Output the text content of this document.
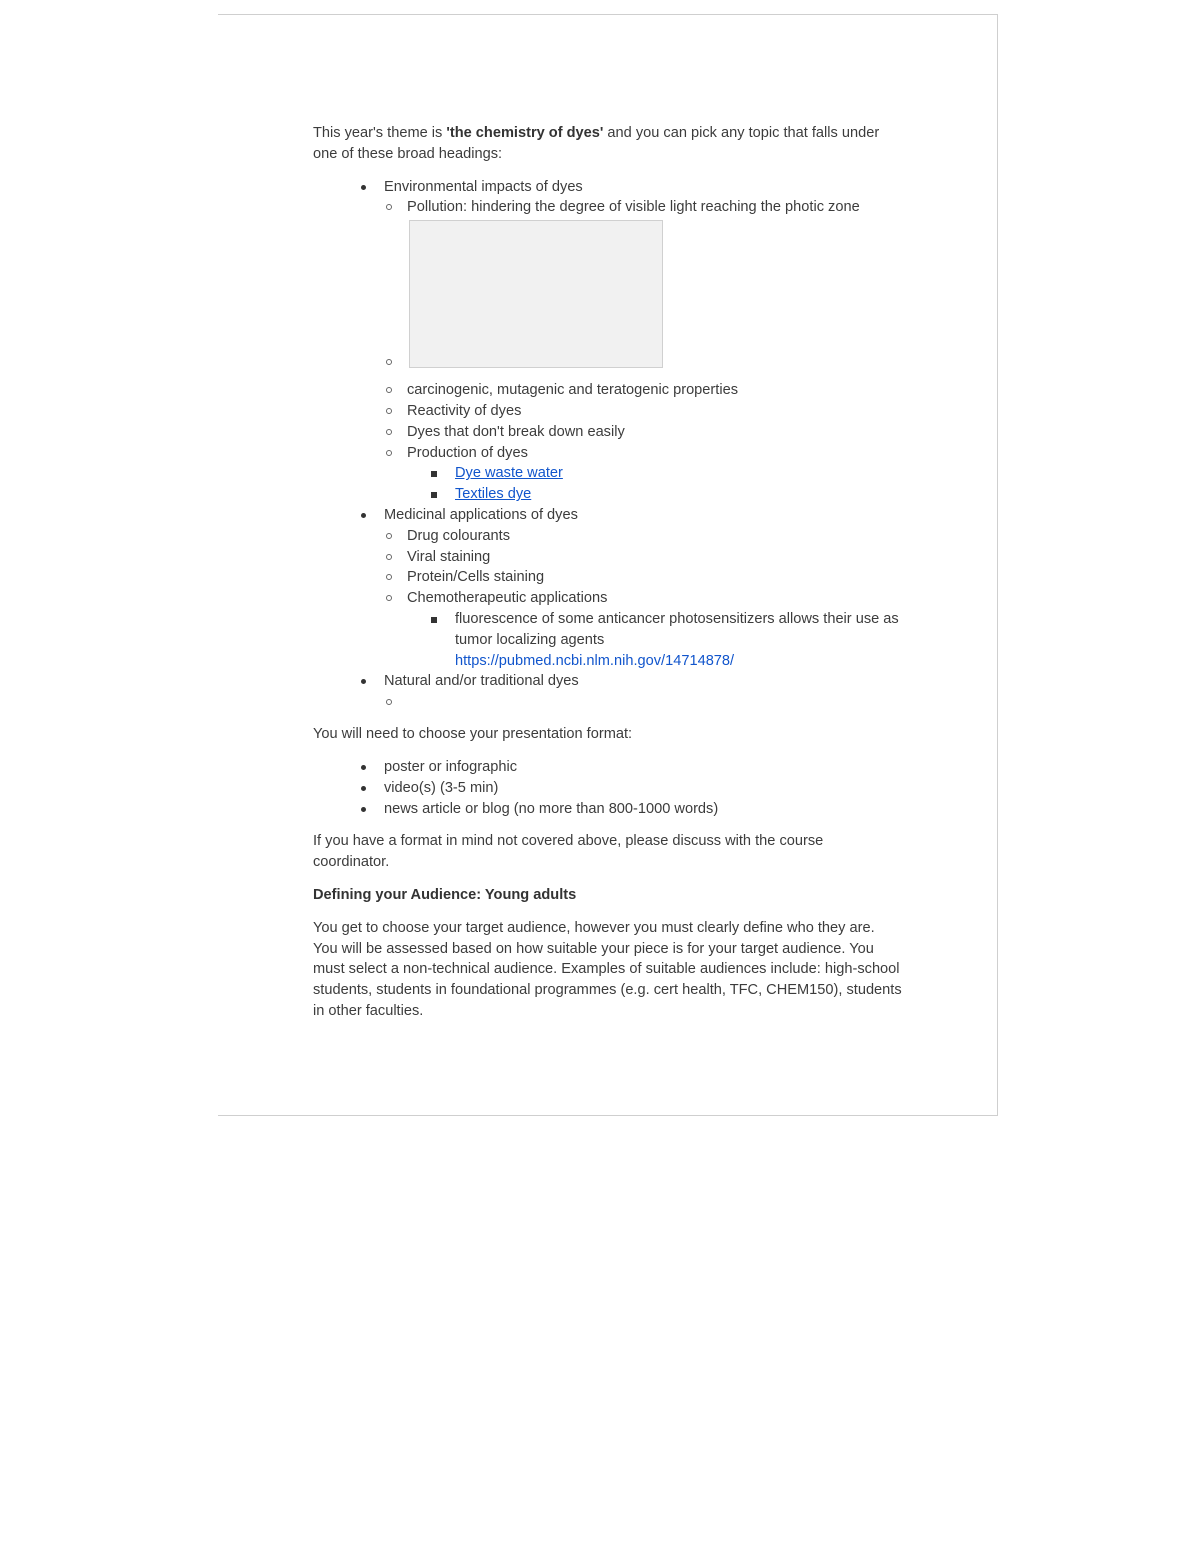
This year's theme is 'the chemistry of dyes' and you can pick any topic that falls under one of these broad headings:

Environmental impacts of dyes
Pollution: hindering the degree of visible light reaching the photic zone
carcinogenic, mutagenic and teratogenic properties
Reactivity of dyes
Dyes that don't break down easily
Production of dyes
Dye waste water
Textiles dye
Medicinal applications of dyes
Drug colourants
Viral staining
Protein/Cells staining
Chemotherapeutic applications
fluorescence of some anticancer photosensitizers allows their use as tumor localizing agents
https://pubmed.ncbi.nlm.nih.gov/14714878/
Natural and/or traditional dyes

You will need to choose your presentation format:

poster or infographic
video(s) (3-5 min)
news article or blog (no more than 800-1000 words)

If you have a format in mind not covered above, please discuss with the course coordinator.

Defining your Audience: Young adults

You get to choose your target audience, however you must clearly define who they are. You will be assessed based on how suitable your piece is for your target audience. You must select a non-technical audience. Examples of suitable audiences include: high-school students, students in foundational programmes (e.g. cert health, TFC, CHEM150), students in other faculties.
